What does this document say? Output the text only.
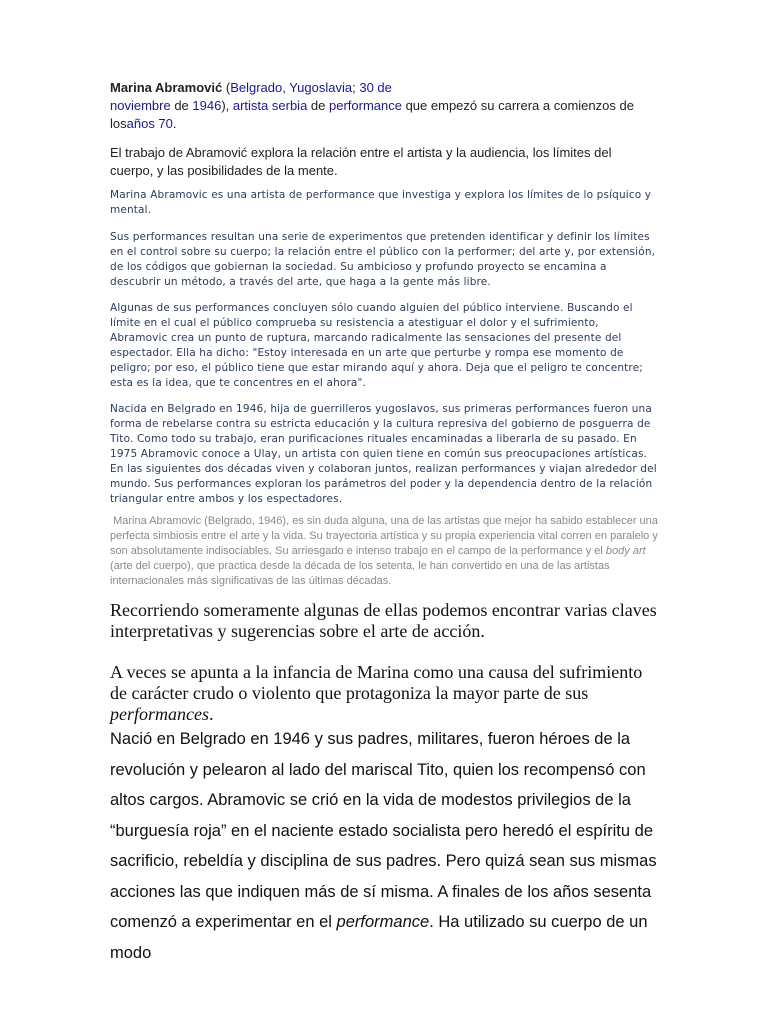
Marina Abramović (Belgrado, Yugoslavia; 30 de
noviembre de 1946), artista serbia de performance que empezó su carrera a comienzos de losaños 70.

El trabajo de Abramović explora la relación entre el artista y la audiencia, los límites del cuerpo, y las posibilidades de la mente.

Marina Abramovic es una artista de performance que investiga y explora los límites de lo psíquico y mental.

Sus performances resultan una serie de experimentos que pretenden identificar y definir los límites en el control sobre su cuerpo; la relación entre el público con la performer; del arte y, por extensión, de los códigos que gobiernan la sociedad. Su ambicioso y profundo proyecto se encamina a descubrir un método, a través del arte, que haga a la gente más libre.

Algunas de sus performances concluyen sólo cuando alguien del público interviene. Buscando el límite en el cual el público comprueba su resistencia a atestiguar el dolor y el sufrimiento, Abramovic crea un punto de ruptura, marcando radicalmente las sensaciones del presente del espectador. Ella ha dicho: "Estoy interesada en un arte que perturbe y rompa ese momento de peligro; por eso, el público tiene que estar mirando aquí y ahora. Deja que el peligro te concentre; esta es la idea, que te concentres en el ahora".

Nacida en Belgrado en 1946, hija de guerrilleros yugoslavos, sus primeras performances fueron una forma de rebelarse contra su estricta educación y la cultura represiva del gobierno de posguerra de Tito. Como todo su trabajo, eran purificaciones rituales encaminadas a liberarla de su pasado. En 1975 Abramovic conoce a Ulay, un artista con quien tiene en común sus preocupaciones artísticas. En las siguientes dos décadas viven y colaboran juntos, realizan performances y viajan alrededor del mundo. Sus performances exploran los parámetros del poder y la dependencia dentro de la relación triangular entre ambos y los espectadores.

Marina Abramovic (Belgrado, 1946), es sin duda alguna, una de las artistas que mejor ha sabido establecer una perfecta simbiosis entre el arte y la vida. Su trayectoria artística y su propia experiencia vital corren en paralelo y son absolutamente indisociables. Su arriesgado e intenso trabajo en el campo de la performance y el body art (arte del cuerpo), que practica desde la década de los setenta, le han convertido en una de las artistas internacionales más significativas de las últimas décadas.

Recorriendo someramente algunas de ellas podemos encontrar varias claves interpretativas y sugerencias sobre el arte de acción.

A veces se apunta a la infancia de Marina como una causa del sufrimiento de carácter crudo o violento que protagoniza la mayor parte de sus performances.

Nació en Belgrado en 1946 y sus padres, militares, fueron héroes de la revolución y pelearon al lado del mariscal Tito, quien los recompensó con altos cargos. Abramovic se crió en la vida de modestos privilegios de la “burguesía roja” en el naciente estado socialista pero heredó el espíritu de sacrificio, rebeldía y disciplina de sus padres. Pero quizá sean sus mismas acciones las que indiquen más de sí misma. A finales de los años sesenta comenzó a experimentar en el performance. Ha utilizado su cuerpo de un modo
